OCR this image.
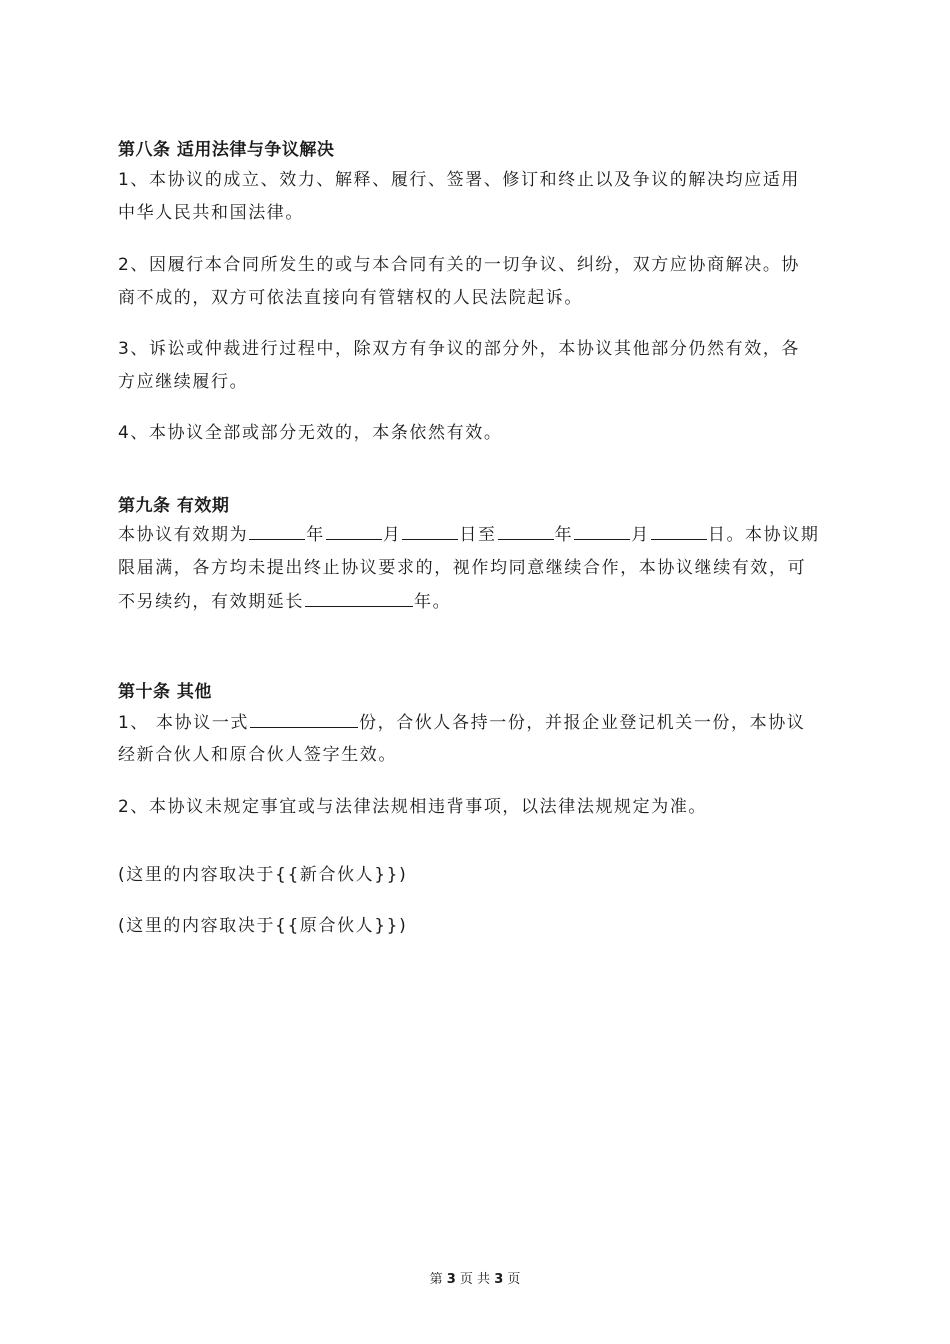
第八条 适用法律与争议解决
1、本协议的成立、效力、解释、履行、签署、修订和终止以及争议的解决均应适用
中华人民共和国法律。
2、因履行本合同所发生的或与本合同有关的一切争议、纠纷，双方应协商解决。协
商不成的，双方可依法直接向有管辖权的人民法院起诉。
3、诉讼或仲裁进行过程中，除双方有争议的部分外，本协议其他部分仍然有效，各
方应继续履行。
4、本协议全部或部分无效的，本条依然有效。
第九条 有效期
本协议有效期为	年	月	日至	年	月	日。本协议期
限届满，各方均未提出终止协议要求的，视作均同意继续合作，本协议继续有效，可
不另续约，有效期延长	年。
第十条 其他
1、 本协议一式	份，合伙人各持一份，并报企业登记机关一份，本协议
经新合伙人和原合伙人签字生效。
2、本协议未规定事宜或与法律法规相违背事项，以法律法规规定为准。
(这里的内容取决于{{新合伙人}})
(这里的内容取决于{{原合伙人}})
第 3 页 共 3 页
